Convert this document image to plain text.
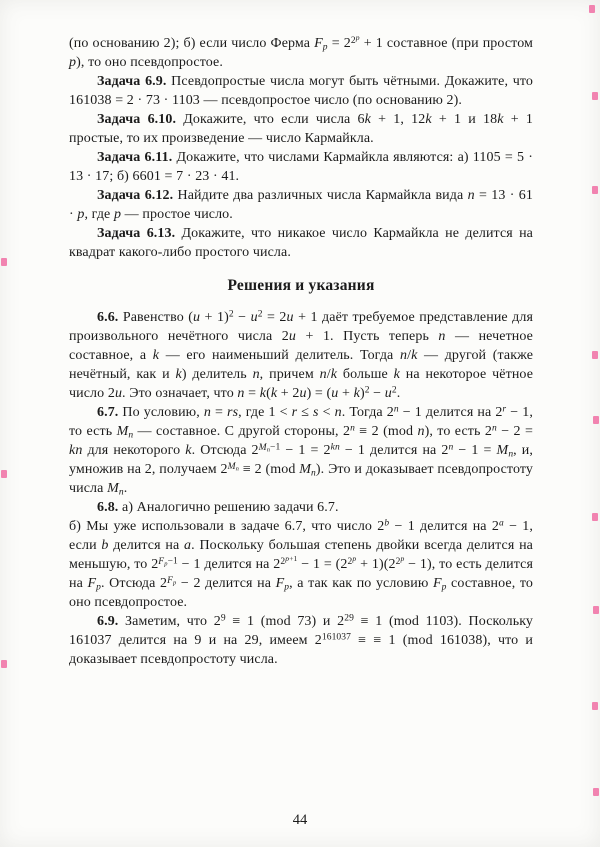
(по основанию 2); б) если число Ферма $F_p = 2^{2^p} + 1$ составное (при простом p), то оно псевдопростое.

Задача 6.9. Псевдопростые числа могут быть чётными. Докажите, что 161038 = 2 · 73 · 1103 — псевдопростое число (по основанию 2).

Задача 6.10. Докажите, что если числа 6k + 1, 12k + 1 и 18k + 1 простые, то их произведение — число Кармайкла.

Задача 6.11. Докажите, что числами Кармайкла являются: а) 1105 = 5 · 13 · 17; б) 6601 = 7 · 23 · 41.

Задача 6.12. Найдите два различных числа Кармайкла вида n = 13 · 61 · p, где p — простое число.

Задача 6.13. Докажите, что никакое число Кармайкла не делится на квадрат какого-либо простого числа.

Решения и указания

6.6. Равенство $(u + 1)^2 - u^2 = 2u + 1$ даёт требуемое представление для произвольного нечётного числа 2u + 1. Пусть теперь n — нечетное составное, а k — его наименьший делитель. Тогда n/k — другой (также нечётный, как и k) делитель n, причем n/k больше k на некоторое чётное число 2u. Это означает, что $n = k(k + 2u) = (u + k)^2 - u^2$.

6.7. По условию, n = rs, где 1 < r ≤ s < n. Тогда $2^n - 1$ делится на $2^r - 1$, то есть $M_n$ — составное. С другой стороны, $2^n \equiv 2$ (mod n), то есть $2^n - 2$ = kn для некоторого k. Отсюда $2^{M_n-1} - 1 = 2^{kn} - 1$ делится на $2^n - 1 = M_n$, и, умножив на 2, получаем $2^{M_n} \equiv 2$ (mod $M_n$). Это и доказывает псевдопростоту числа $M_n$.

6.8. а) Аналогично решению задачи 6.7.

б) Мы уже использовали в задаче 6.7, что число $2^b - 1$ делится на $2^a - 1$, если b делится на a. Поскольку большая степень двойки всегда делится на меньшую, то $2^{F_p-1} - 1$ делится на $2^{2^{p+1}} - 1 = (2^{2^p} + 1)(2^{2^p} - 1)$, то есть делится на $F_p$. Отсюда $2^{F_p} - 2$ делится на $F_p$, а так как по условию $F_p$ составное, то оно псевдопростое.

6.9. Заметим, что $2^9 \equiv 1$ (mod 73) и $2^{29} \equiv 1$ (mod 1103). Поскольку 161037 делится на 9 и на 29, имеем $2^{161037}$ ≡ ≡ 1 (mod 161038), что и доказывает псевдопростоту числа.

44
